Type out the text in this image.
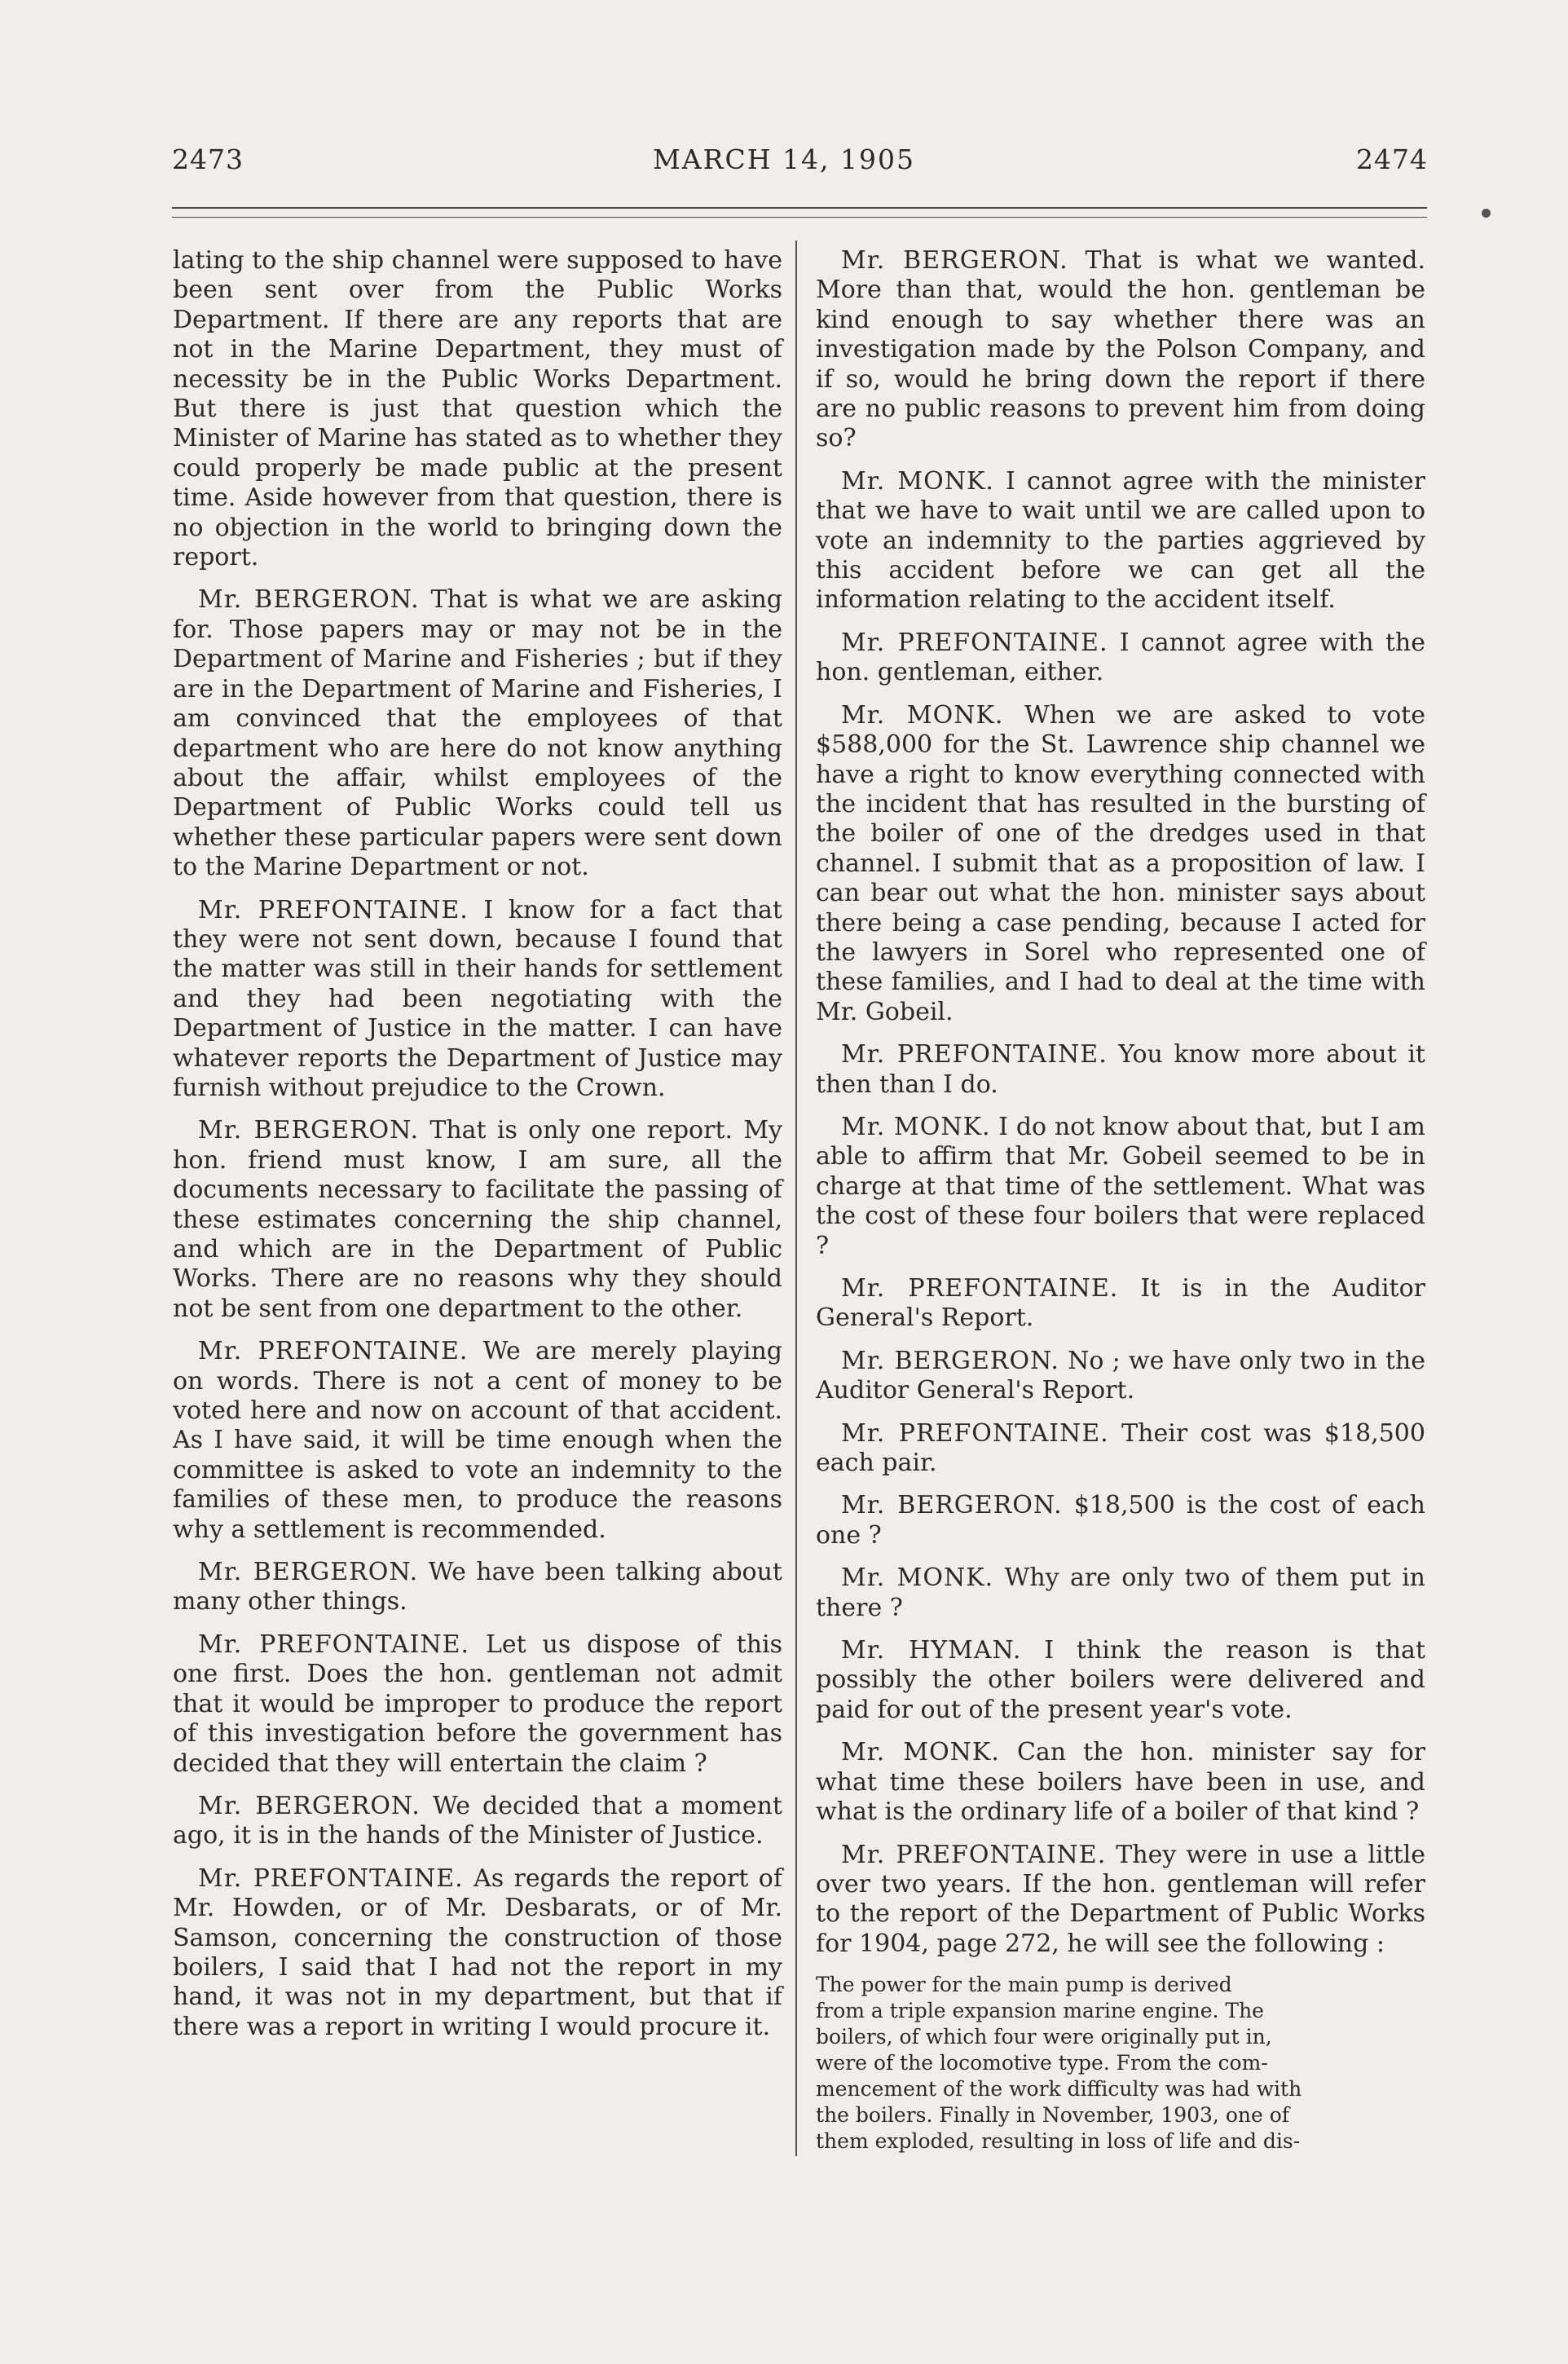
2473	MARCH 14, 1905	2474

lating to the ship channel were supposed to have been sent over from the Public Works Department. If there are any reports that are not in the Marine Department, they must of necessity be in the Public Works Department. But there is just that question which the Minister of Marine has stated as to whether they could properly be made public at the present time. Aside however from that question, there is no objection in the world to bringing down the report.

Mr. BERGERON. That is what we are asking for. Those papers may or may not be in the Department of Marine and Fisheries ; but if they are in the Department of Marine and Fisheries, I am convinced that the employees of that department who are here do not know anything about the affair, whilst employees of the Department of Public Works could tell us whether these particular papers were sent down to the Marine Department or not.

Mr. PREFONTAINE. I know for a fact that they were not sent down, because I found that the matter was still in their hands for settlement and they had been negotiating with the Department of Justice in the matter. I can have whatever reports the Department of Justice may furnish without prejudice to the Crown.

Mr. BERGERON. That is only one report. My hon. friend must know, I am sure, all the documents necessary to facilitate the passing of these estimates concerning the ship channel, and which are in the Department of Public Works. There are no reasons why they should not be sent from one department to the other.

Mr. PREFONTAINE. We are merely playing on words. There is not a cent of money to be voted here and now on account of that accident. As I have said, it will be time enough when the committee is asked to vote an indemnity to the families of these men, to produce the reasons why a settlement is recommended.

Mr. BERGERON. We have been talking about many other things.

Mr. PREFONTAINE. Let us dispose of this one first. Does the hon. gentleman not admit that it would be improper to produce the report of this investigation before the government has decided that they will entertain the claim ?

Mr. BERGERON. We decided that a moment ago, it is in the hands of the Minister of Justice.

Mr. PREFONTAINE. As regards the report of Mr. Howden, or of Mr. Desbarats, or of Mr. Samson, concerning the construction of those boilers, I said that I had not the report in my hand, it was not in my department, but that if there was a report in writing I would procure it.

Mr. BERGERON. That is what we wanted. More than that, would the hon. gentleman be kind enough to say whether there was an investigation made by the Polson Company, and if so, would he bring down the report if there are no public reasons to prevent him from doing so?

Mr. MONK. I cannot agree with the minister that we have to wait until we are called upon to vote an indemnity to the parties aggrieved by this accident before we can get all the information relating to the accident itself.

Mr. PREFONTAINE. I cannot agree with the hon. gentleman, either.

Mr. MONK. When we are asked to vote $588,000 for the St. Lawrence ship channel we have a right to know everything connected with the incident that has resulted in the bursting of the boiler of one of the dredges used in that channel. I submit that as a proposition of law. I can bear out what the hon. minister says about there being a case pending, because I acted for the lawyers in Sorel who represented one of these families, and I had to deal at the time with Mr. Gobeil.

Mr. PREFONTAINE. You know more about it then than I do.

Mr. MONK. I do not know about that, but I am able to affirm that Mr. Gobeil seemed to be in charge at that time of the settlement. What was the cost of these four boilers that were replaced ?

Mr. PREFONTAINE. It is in the Auditor General's Report.

Mr. BERGERON. No ; we have only two in the Auditor General's Report.

Mr. PREFONTAINE. Their cost was $18,500 each pair.

Mr. BERGERON. $18,500 is the cost of each one ?

Mr. MONK. Why are only two of them put in there ?

Mr. HYMAN. I think the reason is that possibly the other boilers were delivered and paid for out of the present year's vote.

Mr. MONK. Can the hon. minister say for what time these boilers have been in use, and what is the ordinary life of a boiler of that kind ?

Mr. PREFONTAINE. They were in use a little over two years. If the hon. gentleman will refer to the report of the Department of Public Works for 1904, page 272, he will see the following :

The power for the main pump is derived
from a triple expansion marine engine. The
boilers, of which four were originally put in,
were of the locomotive type. From the com-
mencement of the work difficulty was had with
the boilers. Finally in November, 1903, one of
them exploded, resulting in loss of life and dis-
